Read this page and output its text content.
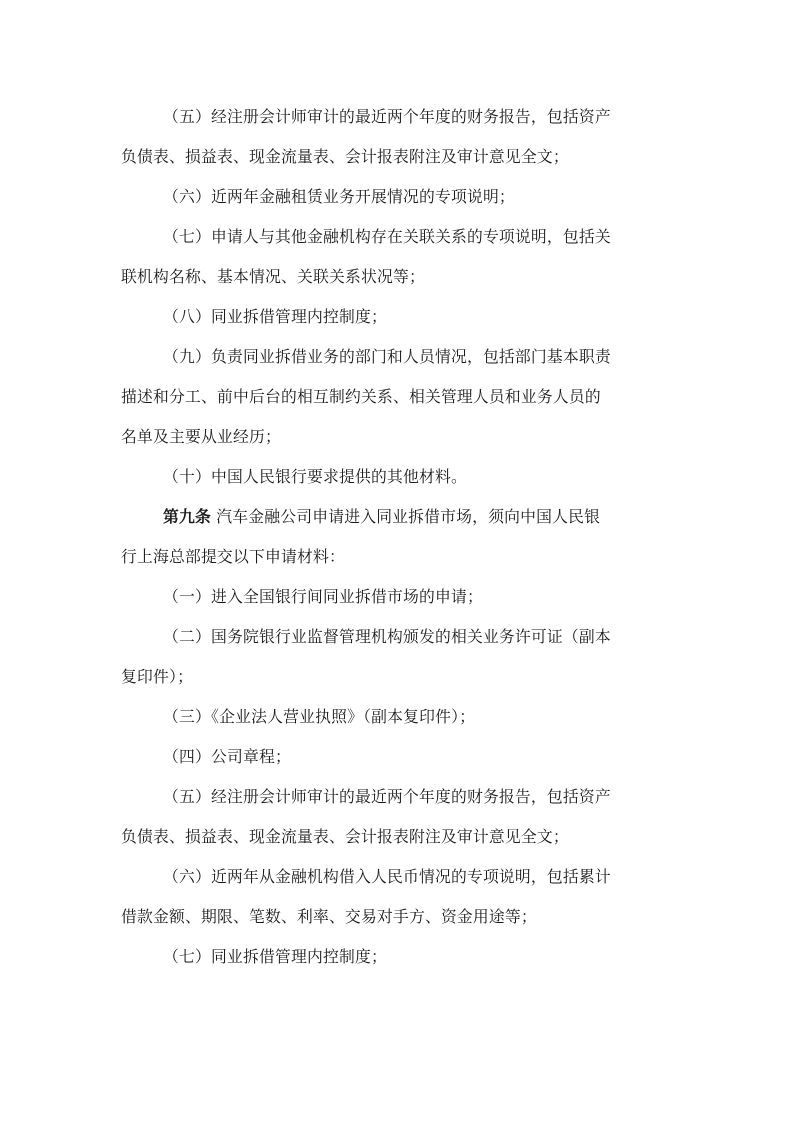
（五）经注册会计师审计的最近两个年度的财务报告，包括资产
负债表、损益表、现金流量表、会计报表附注及审计意见全文；
（六）近两年金融租赁业务开展情况的专项说明；
（七）申请人与其他金融机构存在关联关系的专项说明，包括关
联机构名称、基本情况、关联关系状况等；
（八）同业拆借管理内控制度；
（九）负责同业拆借业务的部门和人员情况，包括部门基本职责
描述和分工、前中后台的相互制约关系、相关管理人员和业务人员的
名单及主要从业经历；
（十）中国人民银行要求提供的其他材料。
第九条 汽车金融公司申请进入同业拆借市场，须向中国人民银
行上海总部提交以下申请材料：
（一）进入全国银行间同业拆借市场的申请；
（二）国务院银行业监督管理机构颁发的相关业务许可证（副本
复印件）；
（三）《企业法人营业执照》（副本复印件）；
（四）公司章程；
（五）经注册会计师审计的最近两个年度的财务报告，包括资产
负债表、损益表、现金流量表、会计报表附注及审计意见全文；
（六）近两年从金融机构借入人民币情况的专项说明，包括累计
借款金额、期限、笔数、利率、交易对手方、资金用途等；
（七）同业拆借管理内控制度；
